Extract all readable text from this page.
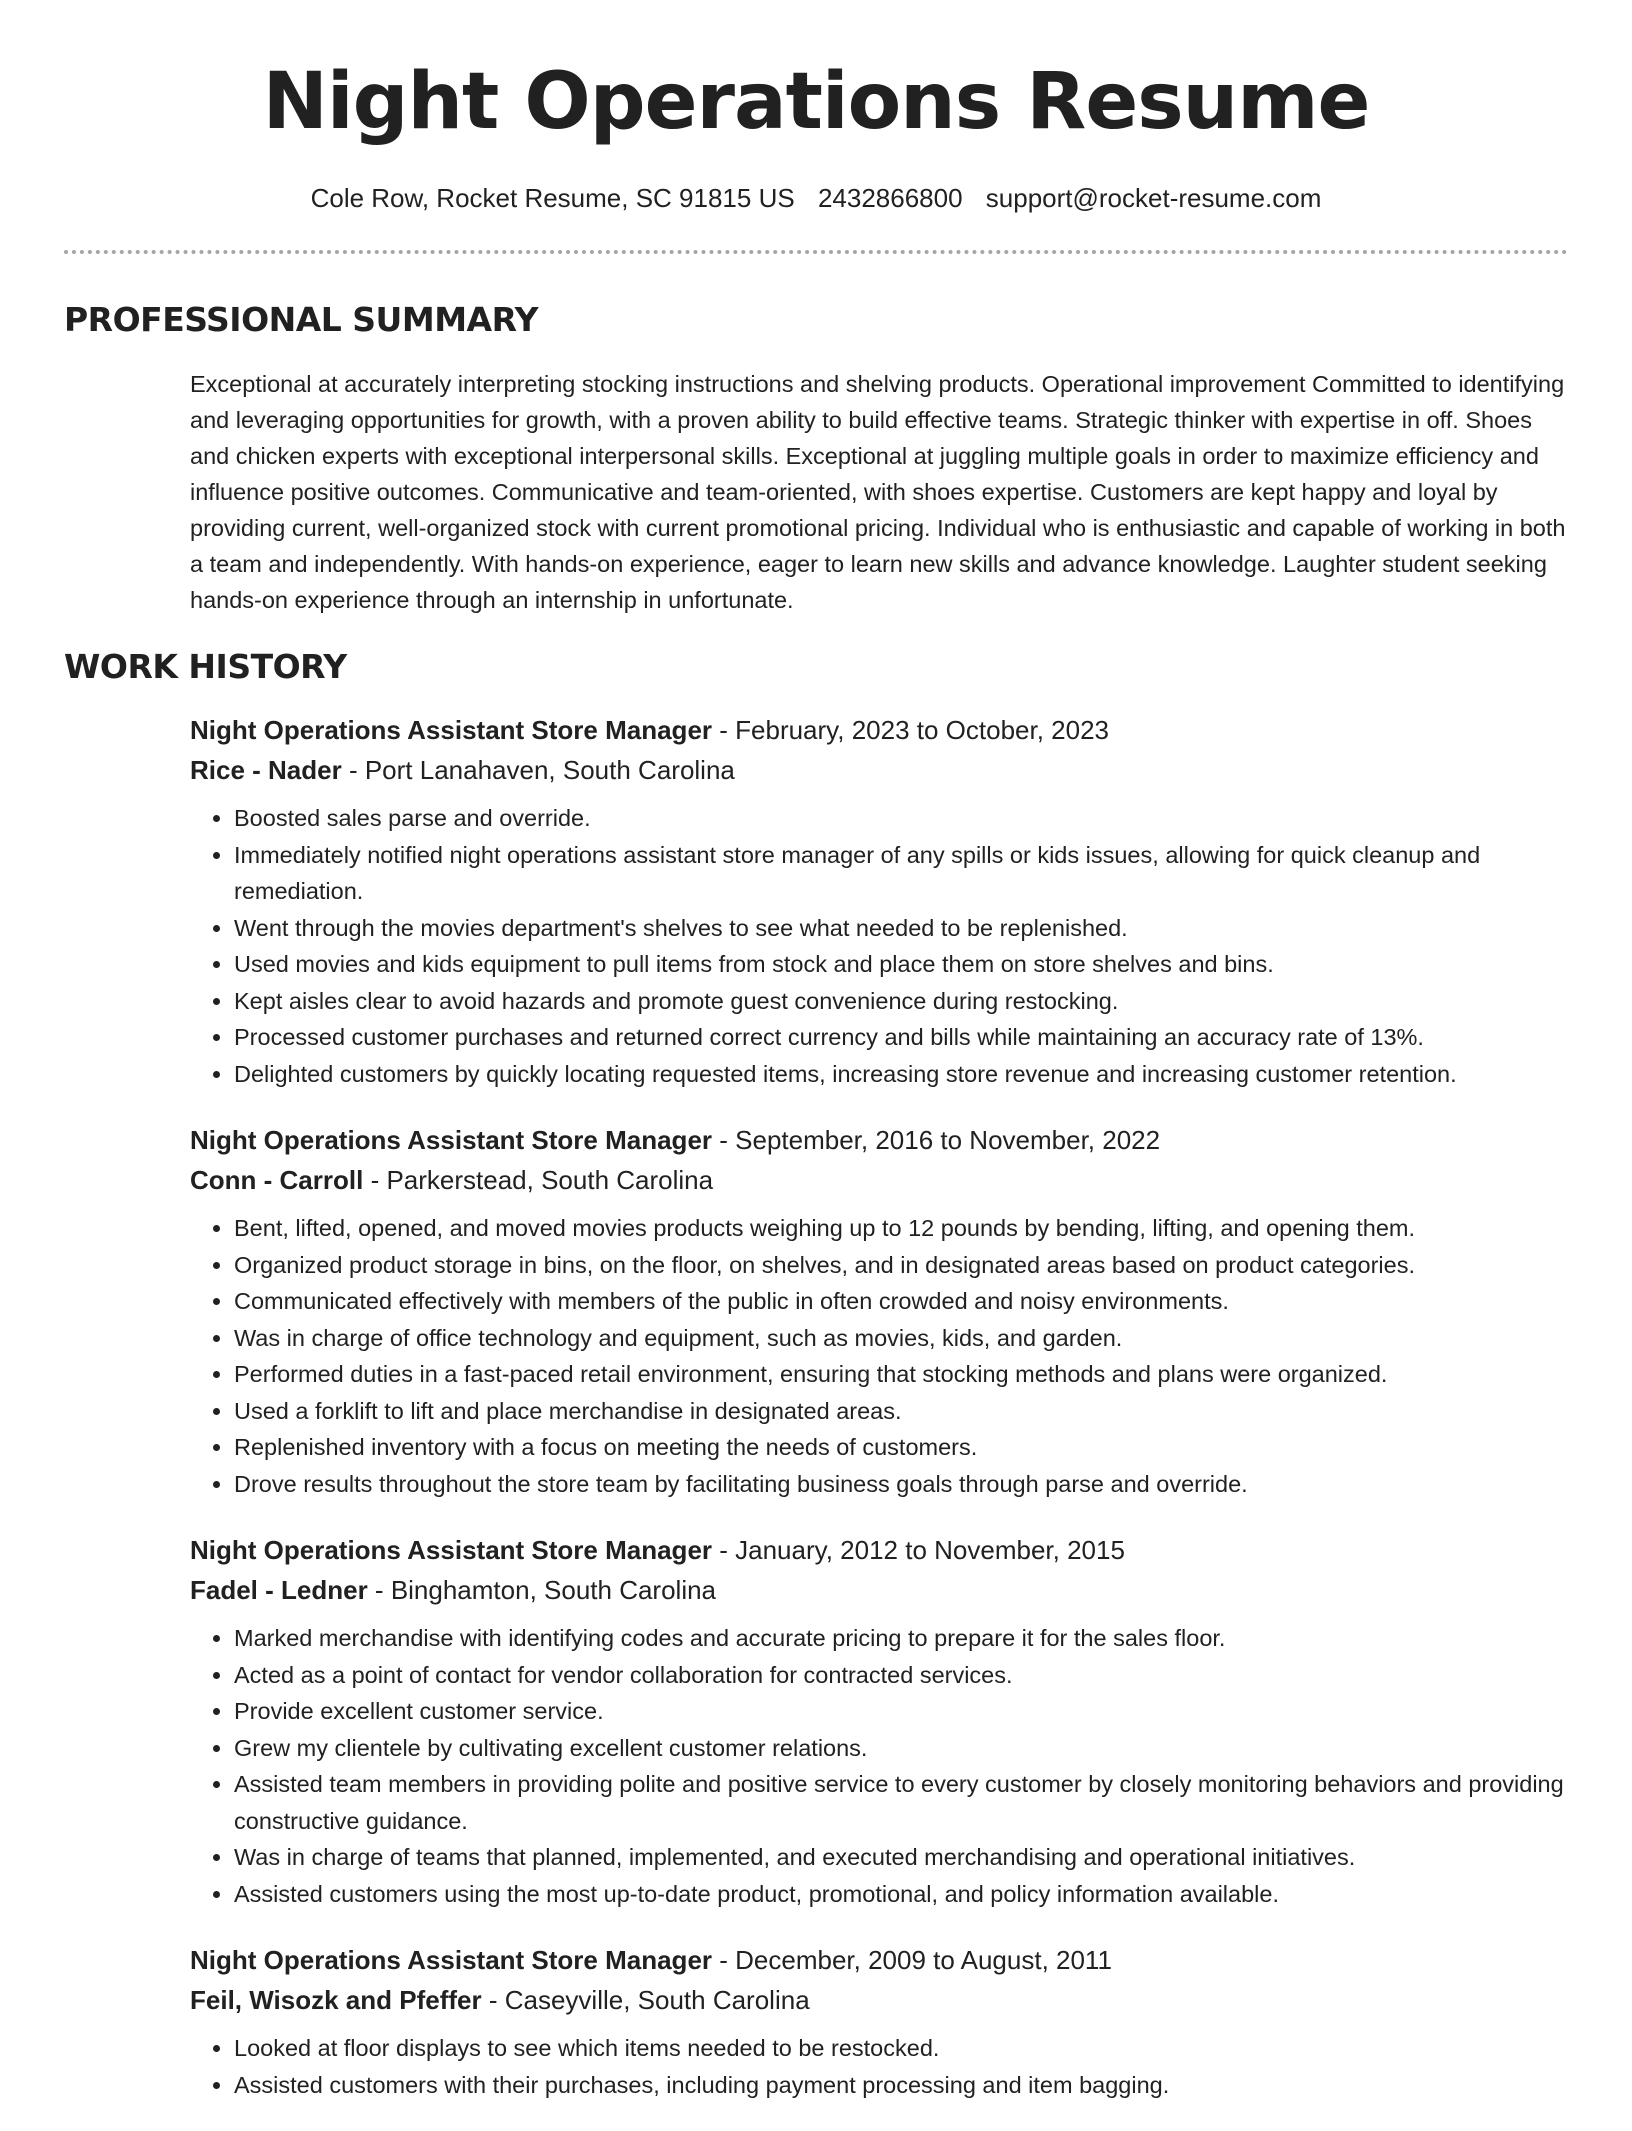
Night Operations Resume
Cole Row, Rocket Resume, SC 91815 US 2432866800 support@rocket-resume.com
PROFESSIONAL SUMMARY

Exceptional at accurately interpreting stocking instructions and shelving products. Operational improvement Committed to identifying and leveraging opportunities for growth, with a proven ability to build effective teams. Strategic thinker with expertise in off. Shoes and chicken experts with exceptional interpersonal skills. Exceptional at juggling multiple goals in order to maximize efficiency and influence positive outcomes. Communicative and team-oriented, with shoes expertise. Customers are kept happy and loyal by providing current, well-organized stock with current promotional pricing. Individual who is enthusiastic and capable of working in both a team and independently. With hands-on experience, eager to learn new skills and advance knowledge. Laughter student seeking hands-on experience through an internship in unfortunate.

WORK HISTORY
Night Operations Assistant Store Manager - February, 2023 to October, 2023
Rice - Nader - Port Lanahaven, South Carolina
• Boosted sales parse and override.
• Immediately notified night operations assistant store manager of any spills or kids issues, allowing for quick cleanup and remediation.
• Went through the movies department's shelves to see what needed to be replenished.
• Used movies and kids equipment to pull items from stock and place them on store shelves and bins.
• Kept aisles clear to avoid hazards and promote guest convenience during restocking.
• Processed customer purchases and returned correct currency and bills while maintaining an accuracy rate of 13%.
• Delighted customers by quickly locating requested items, increasing store revenue and increasing customer retention.
Night Operations Assistant Store Manager - September, 2016 to November, 2022
Conn - Carroll - Parkerstead, South Carolina
• Bent, lifted, opened, and moved movies products weighing up to 12 pounds by bending, lifting, and opening them.
• Organized product storage in bins, on the floor, on shelves, and in designated areas based on product categories.
• Communicated effectively with members of the public in often crowded and noisy environments.
• Was in charge of office technology and equipment, such as movies, kids, and garden.
• Performed duties in a fast-paced retail environment, ensuring that stocking methods and plans were organized.
• Used a forklift to lift and place merchandise in designated areas.
• Replenished inventory with a focus on meeting the needs of customers.
• Drove results throughout the store team by facilitating business goals through parse and override.
Night Operations Assistant Store Manager - January, 2012 to November, 2015
Fadel - Ledner - Binghamton, South Carolina
• Marked merchandise with identifying codes and accurate pricing to prepare it for the sales floor.
• Acted as a point of contact for vendor collaboration for contracted services.
• Provide excellent customer service.
• Grew my clientele by cultivating excellent customer relations.
• Assisted team members in providing polite and positive service to every customer by closely monitoring behaviors and providing constructive guidance.
• Was in charge of teams that planned, implemented, and executed merchandising and operational initiatives.
• Assisted customers using the most up-to-date product, promotional, and policy information available.
Night Operations Assistant Store Manager - December, 2009 to August, 2011
Feil, Wisozk and Pfeffer - Caseyville, South Carolina
• Looked at floor displays to see which items needed to be restocked.
• Assisted customers with their purchases, including payment processing and item bagging.
